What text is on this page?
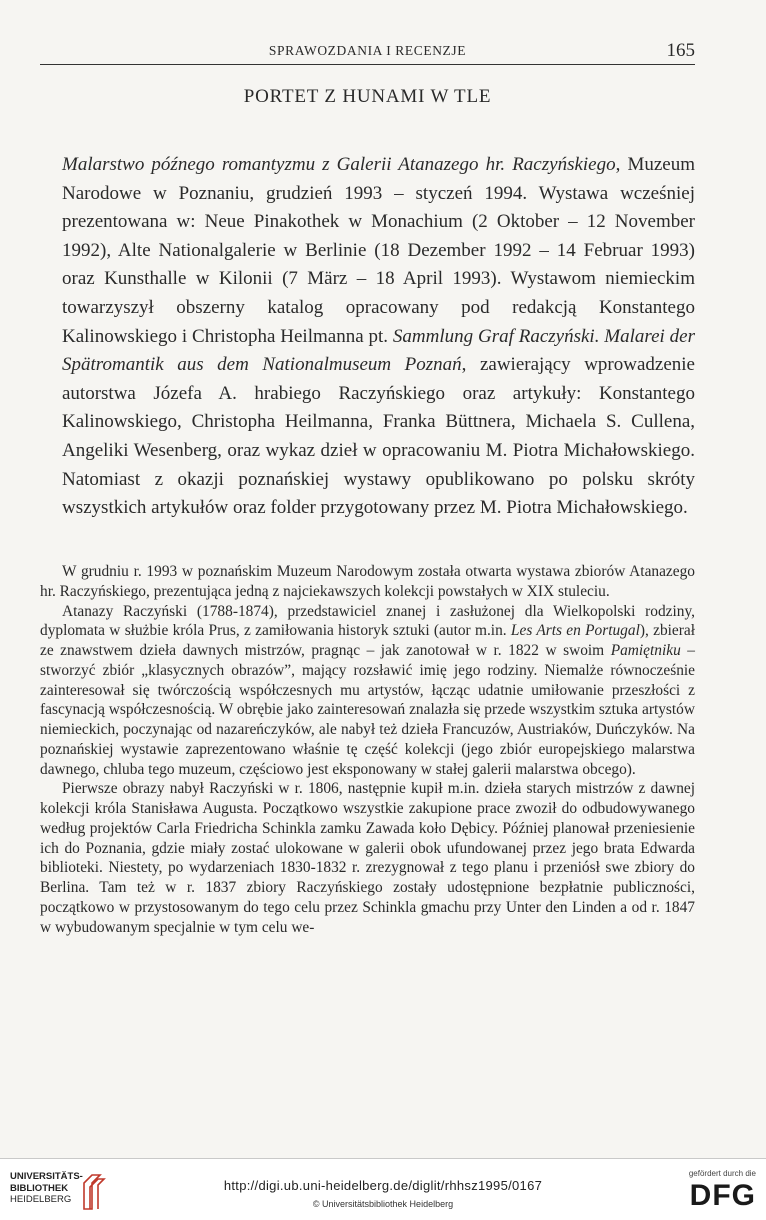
SPRAWOZDANIA I RECENZJE	165
PORTET Z HUNAMI W TLE

Malarstwo późnego romantyzmu z Galerii Atanazego hr. Raczyńskiego, Muzeum Narodowe w Poznaniu, grudzień 1993 – styczeń 1994. Wystawa wcześniej prezentowana w: Neue Pinakothek w Monachium (2 Oktober – 12 November 1992), Alte Nationalgalerie w Berlinie (18 Dezember 1992 – 14 Februar 1993) oraz Kunsthalle w Kilonii (7 März – 18 April 1993). Wystawom niemieckim towarzyszył obszerny katalog opracowany pod redakcją Konstantego Kalinowskiego i Christopha Heilmanna pt. Sammlung Graf Raczyński. Malarei der Spätromantik aus dem Nationalmuseum Poznań, zawierający wprowadzenie autorstwa Józefa A. hrabiego Raczyńskiego oraz artykuły: Konstantego Kalinowskiego, Christopha Heilmanna, Franka Büttnera, Michaela S. Cullena, Angeliki Wesenberg, oraz wykaz dzieł w opracowaniu M. Piotra Michałowskiego. Natomiast z okazji poznańskiej wystawy opublikowano po polsku skróty wszystkich artykułów oraz folder przygotowany przez M. Piotra Michałowskiego.

W grudniu r. 1993 w poznańskim Muzeum Narodowym została otwarta wystawa zbiorów Atanazego hr. Raczyńskiego, prezentująca jedną z najciekawszych kolekcji powstałych w XIX stuleciu.

Atanazy Raczyński (1788-1874), przedstawiciel znanej i zasłużonej dla Wielkopolski rodziny, dyplomata w służbie króla Prus, z zamiłowania historyk sztuki (autor m.in. Les Arts en Portugal), zbierał ze znawstwem dzieła dawnych mistrzów, pragnąc – jak zanotował w r. 1822 w swoim Pamiętniku – stworzyć zbiór „klasycznych obrazów”, mający rozsławić imię jego rodziny. Niemalże równocześnie zainteresował się twórczością współczesnych mu artystów, łącząc udatnie umiłowanie przeszłości z fascynacją współczesnością. W obrębie jako zainteresowań znalazła się przede wszystkim sztuka artystów niemieckich, poczynając od nazareńczyków, ale nabył też dzieła Francuzów, Austriaków, Duńczyków. Na poznańskiej wystawie zaprezentowano właśnie tę część kolekcji (jego zbiór europejskiego malarstwa dawnego, chluba tego muzeum, częściowo jest eksponowany w stałej galerii malarstwa obcego).

Pierwsze obrazy nabył Raczyński w r. 1806, następnie kupił m.in. dzieła starych mistrzów z dawnej kolekcji króla Stanisława Augusta. Początkowo wszystkie zakupione prace zwoził do odbudowywanego według projektów Carla Friedricha Schinkla zamku Zawada koło Dębicy. Później planował przeniesienie ich do Poznania, gdzie miały zostać ulokowane w galerii obok ufundowanej przez jego brata Edwarda biblioteki. Niestety, po wydarzeniach 1830-1832 r. zrezygnował z tego planu i przeniósł swe zbiory do Berlina. Tam też w r. 1837 zbiory Raczyńskiego zostały udostępnione bezpłatnie publiczności, początkowo w przystosowanym do tego celu przez Schinkla gmachu przy Unter den Linden a od r. 1847 w wybudowanym specjalnie w tym celu we-

UNIVERSITÄTS-
BIBLIOTHEK
HEIDELBERG
http://digi.ub.uni-heidelberg.de/diglit/rhhsz1995/0167
© Universitätsbibliothek Heidelberg
gefördert durch die
DFG
